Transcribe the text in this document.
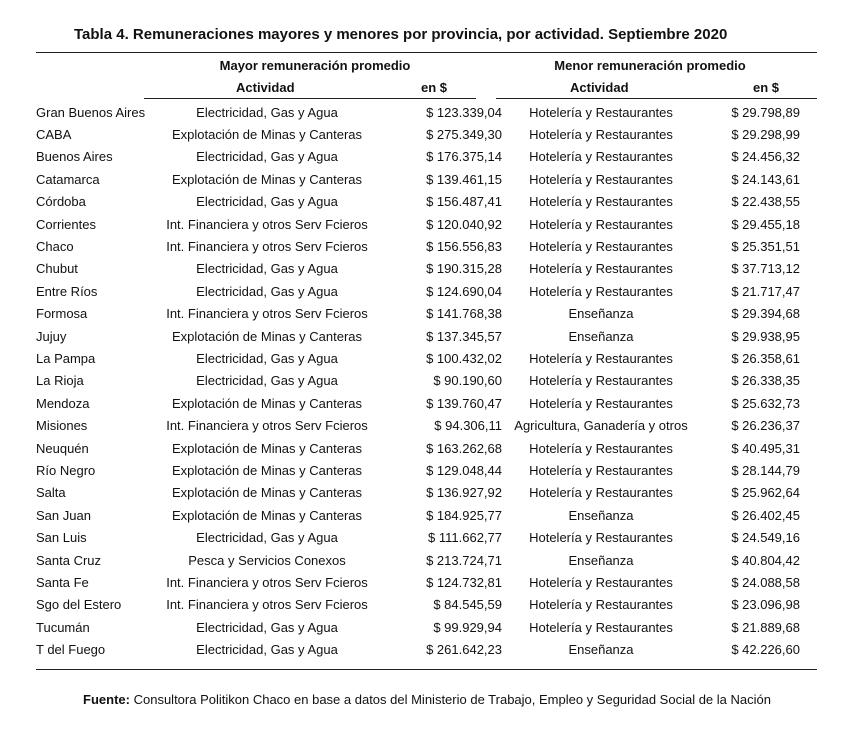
Tabla 4. Remuneraciones mayores y menores por provincia, por actividad. Septiembre 2020
Mayor remuneración promedio	Menor remuneración promedio
Actividad	en $	Actividad	en $
Gran Buenos Aires	Electricidad, Gas y Agua	$ 123.339,04	Hotelería y Restaurantes	$ 29.798,89
CABA	Explotación de Minas y Canteras	$ 275.349,30	Hotelería y Restaurantes	$ 29.298,99
Buenos Aires	Electricidad, Gas y Agua	$ 176.375,14	Hotelería y Restaurantes	$ 24.456,32
Catamarca	Explotación de Minas y Canteras	$ 139.461,15	Hotelería y Restaurantes	$ 24.143,61
Córdoba	Electricidad, Gas y Agua	$ 156.487,41	Hotelería y Restaurantes	$ 22.438,55
Corrientes	Int. Financiera y otros Serv Fcieros	$ 120.040,92	Hotelería y Restaurantes	$ 29.455,18
Chaco	Int. Financiera y otros Serv Fcieros	$ 156.556,83	Hotelería y Restaurantes	$ 25.351,51
Chubut	Electricidad, Gas y Agua	$ 190.315,28	Hotelería y Restaurantes	$ 37.713,12
Entre Ríos	Electricidad, Gas y Agua	$ 124.690,04	Hotelería y Restaurantes	$ 21.717,47
Formosa	Int. Financiera y otros Serv Fcieros	$ 141.768,38	Enseñanza	$ 29.394,68
Jujuy	Explotación de Minas y Canteras	$ 137.345,57	Enseñanza	$ 29.938,95
La Pampa	Electricidad, Gas y Agua	$ 100.432,02	Hotelería y Restaurantes	$ 26.358,61
La Rioja	Electricidad, Gas y Agua	$ 90.190,60	Hotelería y Restaurantes	$ 26.338,35
Mendoza	Explotación de Minas y Canteras	$ 139.760,47	Hotelería y Restaurantes	$ 25.632,73
Misiones	Int. Financiera y otros Serv Fcieros	$ 94.306,11	Agricultura, Ganadería y otros	$ 26.236,37
Neuquén	Explotación de Minas y Canteras	$ 163.262,68	Hotelería y Restaurantes	$ 40.495,31
Río Negro	Explotación de Minas y Canteras	$ 129.048,44	Hotelería y Restaurantes	$ 28.144,79
Salta	Explotación de Minas y Canteras	$ 136.927,92	Hotelería y Restaurantes	$ 25.962,64
San Juan	Explotación de Minas y Canteras	$ 184.925,77	Enseñanza	$ 26.402,45
San Luis	Electricidad, Gas y Agua	$ 111.662,77	Hotelería y Restaurantes	$ 24.549,16
Santa Cruz	Pesca y Servicios Conexos	$ 213.724,71	Enseñanza	$ 40.804,42
Santa Fe	Int. Financiera y otros Serv Fcieros	$ 124.732,81	Hotelería y Restaurantes	$ 24.088,58
Sgo del Estero	Int. Financiera y otros Serv Fcieros	$ 84.545,59	Hotelería y Restaurantes	$ 23.096,98
Tucumán	Electricidad, Gas y Agua	$ 99.929,94	Hotelería y Restaurantes	$ 21.889,68
T del Fuego	Electricidad, Gas y Agua	$ 261.642,23	Enseñanza	$ 42.226,60
Fuente: Consultora Politikon Chaco en base a datos del Ministerio de Trabajo, Empleo y Seguridad Social de la Nación
